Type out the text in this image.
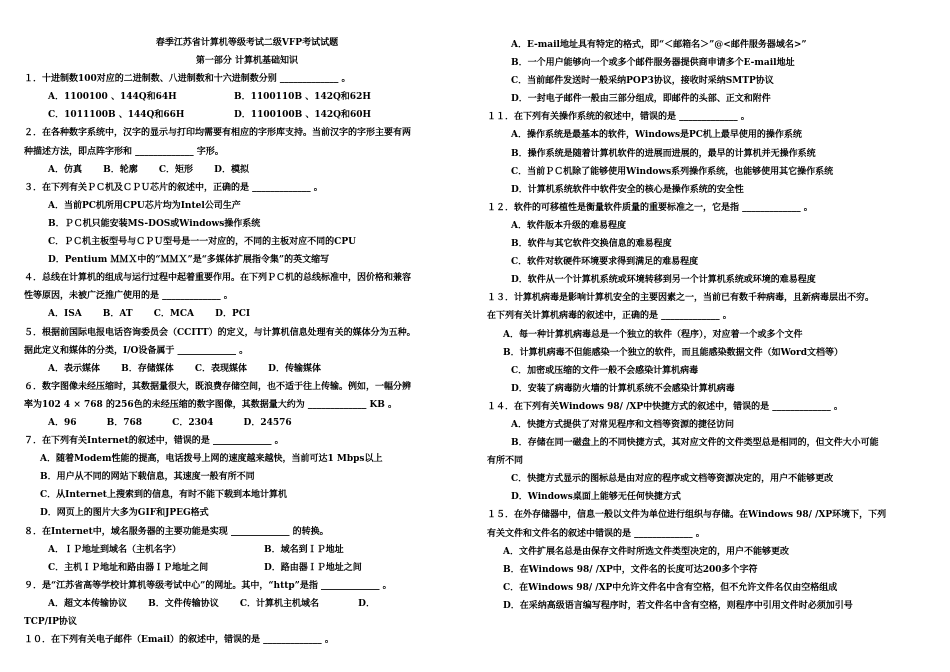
春季江苏省计算机等级考试二级VFP考试试题
第一部分 计算机基础知识
１．十进制数100对应的二进制数、八进制数和十六进制数分别 _____________ 。
A．1100100 、144Q和64H	B．1100110B 、142Q和62H
C．1011100B 、144Q和66H	D．1100100B 、142Q和60H
２．在各种数字系统中，汉字的显示与打印均需要有相应的字形库支持。当前汉字的字形主要有两
种描述方法，即点阵字形和 _____________ 字形。
A．仿真　　 B．轮廓　　 C．矩形　　 D．模拟
３．在下列有关ＰＣ机及ＣＰＵ芯片的叙述中，正确的是 _____________ 。
A．当前PC机所用CPU芯片均为Intel公司生产
B．ＰＣ机只能安装MS-DOS或Windows操作系统
C．ＰＣ机主板型号与ＣＰＵ型号是一一对应的，不同的主板对应不同的CPU
D．Pentium ＭＭＸ中的“ＭＭＸ”是“多媒体扩展指令集”的英文缩写
４．总线在计算机的组成与运行过程中起着重要作用。在下列ＰＣ机的总线标准中，因价格和兼容
性等原因，未被广泛推广使用的是 _____________ 。
A．ISA　　 B．AT　　 C．MCA　　 D．PCI
５．根据前国际电报电话咨询委员会（CCITT）的定义，与计算机信息处理有关的媒体分为五种。
据此定义和媒体的分类，I/O设备属于 _____________ 。
A．表示媒体　　 B．存储媒体　　 C．表现媒体　　 D．传输媒体
６．数字图像未经压缩时，其数据量很大，既浪费存储空间，也不适于往上传输。例如，一幅分辨
率为102 4 × 768 的256色的未经压缩的数字图像，其数据量大约为 _____________ KB 。
A．96　　　 B．768　　　 C．2304　　　 D．24576
７．在下列有关Internet的叙述中，错误的是 _____________ 。
A．随着Modem性能的提高，电话拨号上网的速度越来越快，当前可达1 Mbps以上
B．用户从不同的网站下载信息，其速度一般有所不同
C．从Internet上搜索到的信息，有时不能下载到本地计算机
D．网页上的图片大多为GIF和JPEG格式
８．在Internet中，域名服务器的主要功能是实现 _____________ 的转换。
A．ＩＰ地址到域名（主机名字）	B．域名到ＩＰ地址
C．主机ＩＰ地址和路由器ＩＰ地址之间	D．路由器ＩＰ地址之间
９．是“江苏省高等学校计算机等级考试中心”的网址。其中，“http”是指 _____________ 。
A．超文本传输协议　　 B．文件传输协议　　 C．计算机主机域名　　　　 D．
TCP/IP协议
１０．在下列有关电子邮件（Email）的叙述中，错误的是 _____________ 。
A．E-mail地址具有特定的格式，即“＜邮箱名＞”@<邮件服务器域名>”
B．一个用户能够向一个或多个邮件服务器提供商申请多个E-mail地址
C．当前邮件发送时一般采纳POP3协议，接收时采纳SMTP协议
D．一封电子邮件一般由三部分组成，即邮件的头部、正文和附件
１１．在下列有关操作系统的叙述中，错误的是 _____________ 。
A．操作系统是最基本的软件，Windows是PC机上最早使用的操作系统
B．操作系统是随着计算机软件的进展而进展的，最早的计算机并无操作系统
C．当前ＰＣ机除了能够使用Windows系列操作系统，也能够使用其它操作系统
D．计算机系统软件中软件安全的核心是操作系统的安全性
１２．软件的可移植性是衡量软件质量的重要标准之一，它是指 _____________ 。
A．软件版本升级的难易程度
B．软件与其它软件交换信息的难易程度
C．软件对软硬件环境要求得到满足的难易程度
D．软件从一个计算机系统或环境转移到另一个计算机系统或环境的难易程度
１３．计算机病毒是影响计算机安全的主要因素之一，当前已有数千种病毒，且新病毒层出不穷。
在下列有关计算机病毒的叙述中，正确的是 _____________ 。
A．每一种计算机病毒总是一个独立的软件（程序），对应着一个或多个文件
B．计算机病毒不但能感染一个独立的软件，而且能感染数据文件（如Word文档等）
C．加密或压缩的文件一般不会感染计算机病毒
D．安装了病毒防火墙的计算机系统不会感染计算机病毒
１４．在下列有关Windows 98/ /XP中快捷方式的叙述中，错误的是 _____________ 。
A．快捷方式提供了对常见程序和文档等资源的捷径访问
B．存储在同一磁盘上的不同快捷方式，其对应文件的文件类型总是相同的，但文件大小可能
有所不同
C．快捷方式显示的图标总是由对应的程序或文档等资源决定的，用户不能够更改
D．Windows桌面上能够无任何快捷方式
１５．在外存储器中，信息一般以文件为单位进行组织与存储。在Windows 98/ /XP环境下，下列
有关文件和文件名的叙述中错误的是 _____________ 。
A．文件扩展名总是由保存文件时所选文件类型决定的，用户不能够更改
B．在Windows 98/ /XP中，文件名的长度可达200多个字符
C．在Windows 98/ /XP中允许文件名中含有空格，但不允许文件名仅由空格组成
D．在采纳高级语言编写程序时，若文件名中含有空格，则程序中引用文件时必须加引号
